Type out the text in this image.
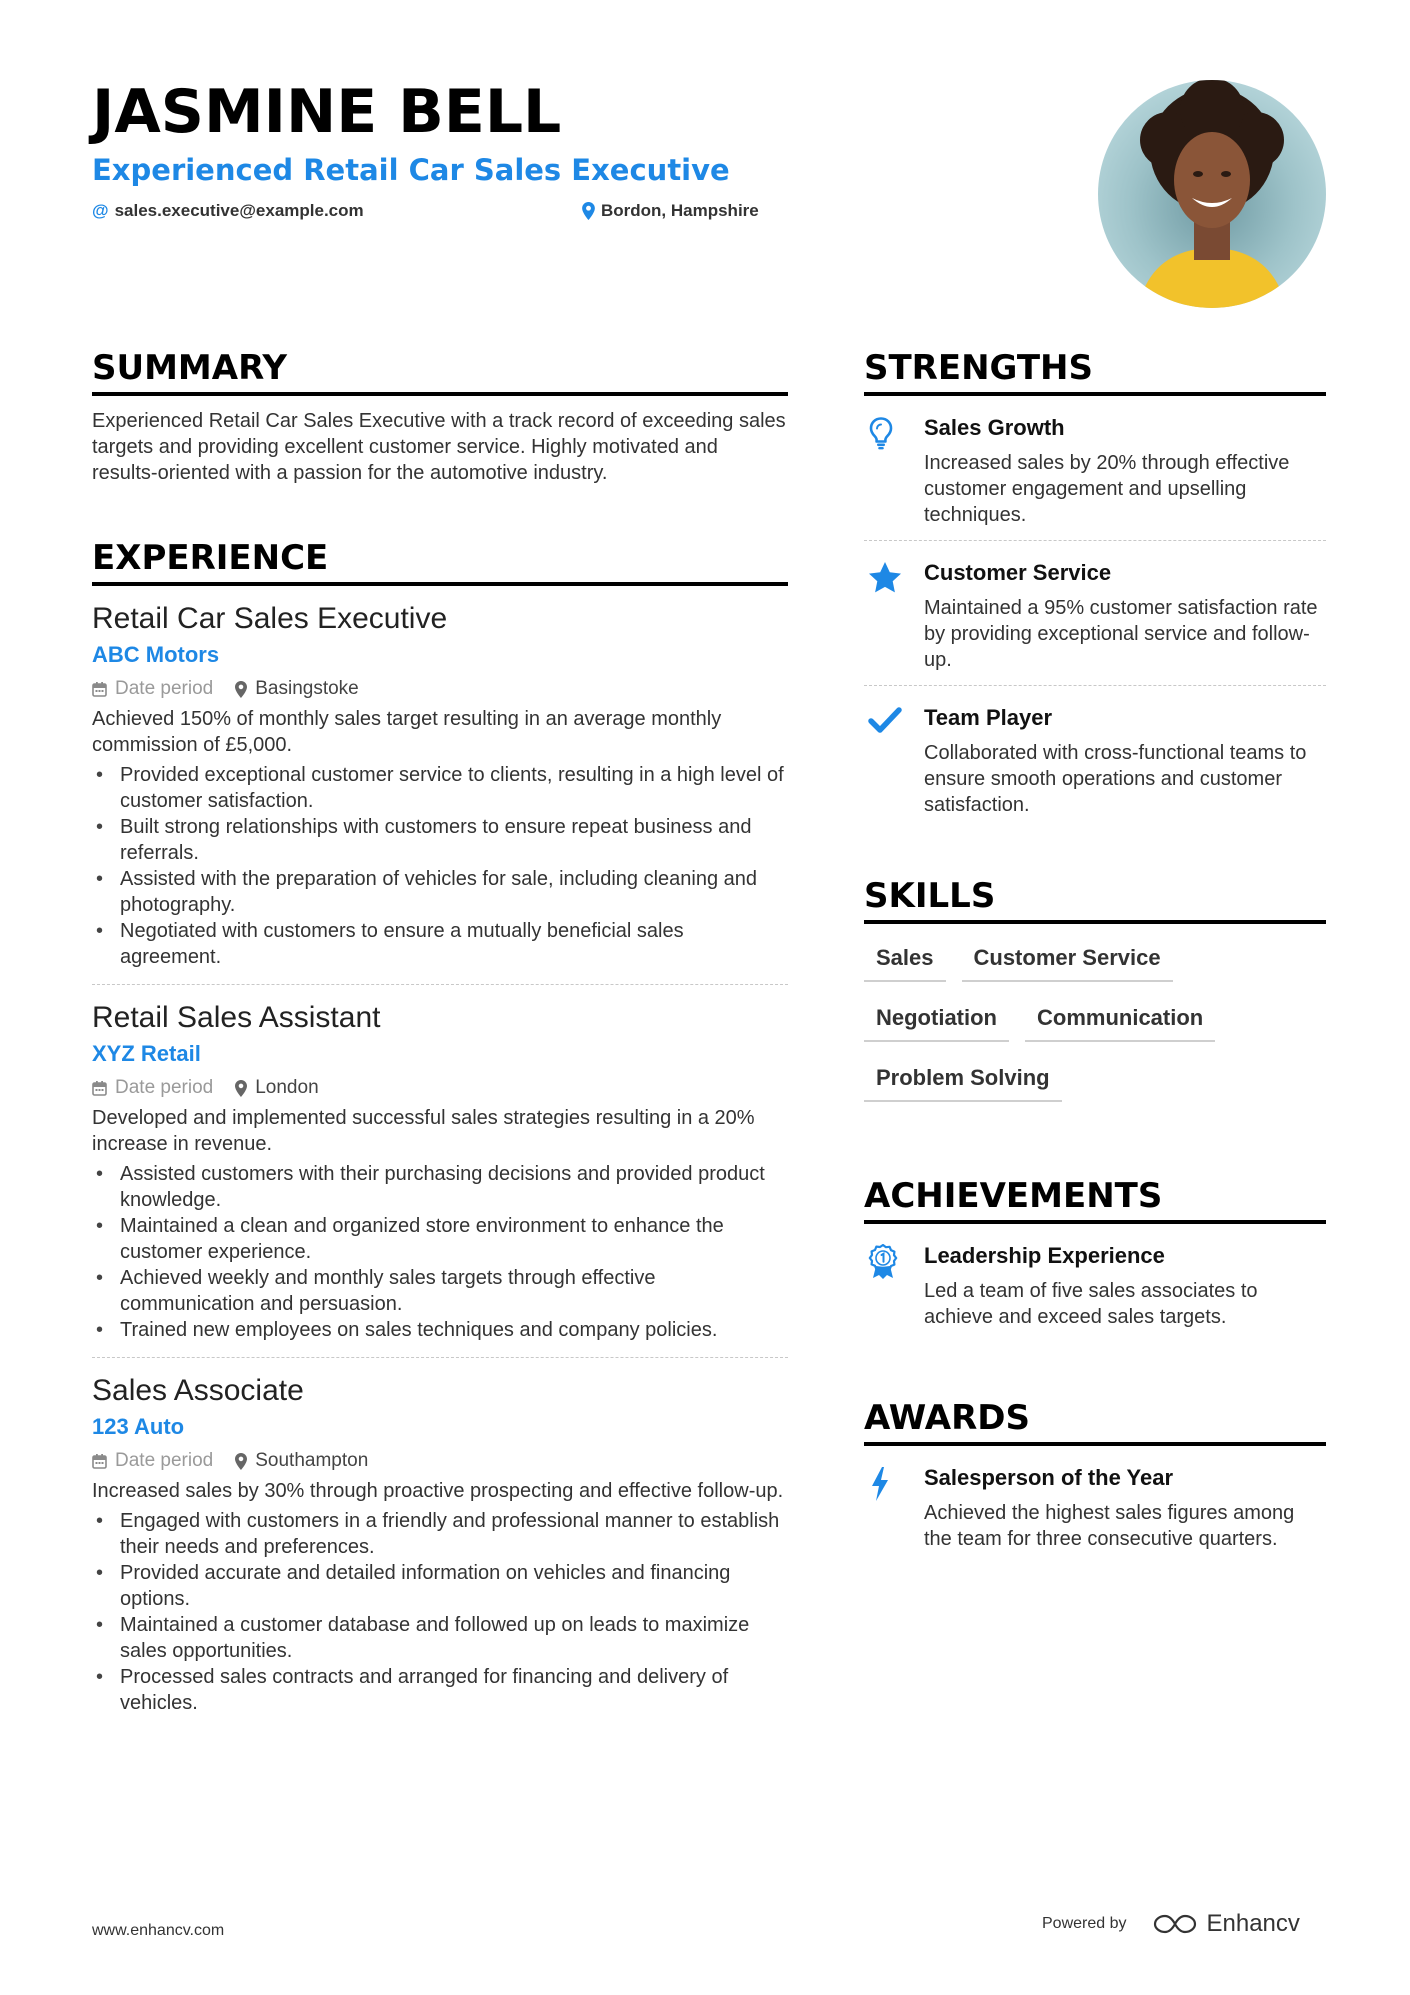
JASMINE BELL
Experienced Retail Car Sales Executive
@ sales.executive@example.com	Bordon, Hampshire
SUMMARY
Experienced Retail Car Sales Executive with a track record of exceeding sales targets and providing excellent customer service. Highly motivated and results-oriented with a passion for the automotive industry.
EXPERIENCE
Retail Car Sales Executive
ABC Motors
Date period Basingstoke
Achieved 150% of monthly sales target resulting in an average monthly commission of £5,000.
• Provided exceptional customer service to clients, resulting in a high level of customer satisfaction.
• Built strong relationships with customers to ensure repeat business and referrals.
• Assisted with the preparation of vehicles for sale, including cleaning and photography.
• Negotiated with customers to ensure a mutually beneficial sales agreement.
Retail Sales Assistant
XYZ Retail
Date period London
Developed and implemented successful sales strategies resulting in a 20% increase in revenue.
• Assisted customers with their purchasing decisions and provided product knowledge.
• Maintained a clean and organized store environment to enhance the customer experience.
• Achieved weekly and monthly sales targets through effective communication and persuasion.
• Trained new employees on sales techniques and company policies.
Sales Associate
123 Auto
Date period Southampton
Increased sales by 30% through proactive prospecting and effective follow-up.
• Engaged with customers in a friendly and professional manner to establish their needs and preferences.
• Provided accurate and detailed information on vehicles and financing options.
• Maintained a customer database and followed up on leads to maximize sales opportunities.
• Processed sales contracts and arranged for financing and delivery of vehicles.
STRENGTHS
Sales Growth
Increased sales by 20% through effective customer engagement and upselling techniques.
Customer Service
Maintained a 95% customer satisfaction rate by providing exceptional service and follow-up.
Team Player
Collaborated with cross-functional teams to ensure smooth operations and customer satisfaction.
SKILLS
Sales	Customer Service
Negotiation	Communication
Problem Solving
ACHIEVEMENTS
Leadership Experience
Led a team of five sales associates to achieve and exceed sales targets.
AWARDS
Salesperson of the Year
Achieved the highest sales figures among the team for three consecutive quarters.
www.enhancv.com	Powered by	Enhancv
